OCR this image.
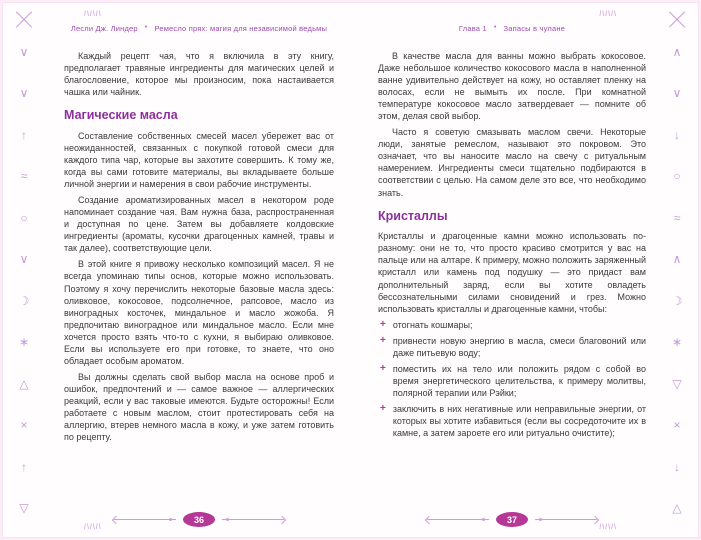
/\/\/\	/\/\/\
/\/\/\	/\/\/\
∨
∨
↑
≈
○
∨
☽
∗
△
×
↑
▽
∧
∨
↓
○
≈
∧
☽
∗
▽
×
↓
△
Лесли Дж. Линдер • Ремесло прях: магия для независимой ведьмы

Каждый рецепт чая, что я включила в эту книгу, предполагает травяные ингредиенты для магических целей и благословение, которое мы произносим, пока настаивается чашка или чайник.

Магические масла

Составление собственных смесей масел убережет вас от неожиданностей, связанных с покупкой готовой смеси для каждого типа чар, которые вы захотите совершить. К тому же, когда вы сами готовите материалы, вы вкладываете больше личной энергии и намерения в свои рабочие инструменты.

Создание ароматизированных масел в некотором роде напоминает создание чая. Вам нужна база, распространенная и доступная по цене. Затем вы добавляете колдовские ингредиенты (ароматы, кусочки драгоценных камней, травы и так далее), соответствующие цели.

В этой книге я привожу несколько композиций масел. Я не всегда упоминаю типы основ, которые можно использовать. Поэтому я хочу перечислить некоторые базовые масла здесь: оливковое, кокосовое, подсолнечное, рапсовое, масло из виноградных косточек, миндальное и масло жожоба. Я предпочитаю виноградное или миндальное масло. Если мне хочется просто взять что-то с кухни, я выбираю оливковое. Если вы используете его при готовке, то знаете, что оно обладает особым ароматом.

Вы должны сделать свой выбор масла на основе проб и ошибок, предпочтений и — самое важное — аллергических реакций, если у вас таковые имеются. Будьте осторожны! Если работаете с новым маслом, стоит протестировать себя на аллергию, втерев немного масла в кожу, и уже затем готовить по рецепту.

36
Глава 1 • Запасы в чулане

В качестве масла для ванны можно выбрать кокосовое. Даже небольшое количество кокосового масла в наполненной ванне удивительно действует на кожу, но оставляет пленку на волосах, если не вымыть их после. При комнатной температуре кокосовое масло затвердевает — помните об этом, делая свой выбор.

Часто я советую смазывать маслом свечи. Некоторые люди, занятые ремеслом, называют это покровом. Это означает, что вы наносите масло на свечу с ритуальным намерением. Ингредиенты смеси тщательно подбираются в соответствии с целью. На самом деле это все, что необходимо знать.

Кристаллы

Кристаллы и драгоценные камни можно использовать по-разному: они не то, что просто красиво смотрится у вас на пальце или на алтаре. К примеру, можно положить заряженный кристалл или камень под подушку — это придаст вам дополнительный заряд, если вы хотите овладеть бессознательными силами сновидений и грез. Можно использовать кристаллы и драгоценные камни, чтобы:

+ отогнать кошмары;
+ привнести новую энергию в масла, смеси благовоний или даже питьевую воду;
+ поместить их на тело или положить рядом с собой во время энергетического целительства, к примеру молитвы, полярной терапии или Рэйки;
+ заключить в них негативные или неправильные энергии, от которых вы хотите избавиться (если вы сосредоточите их в камне, а затем зароете его или ритуально очистите);
37
